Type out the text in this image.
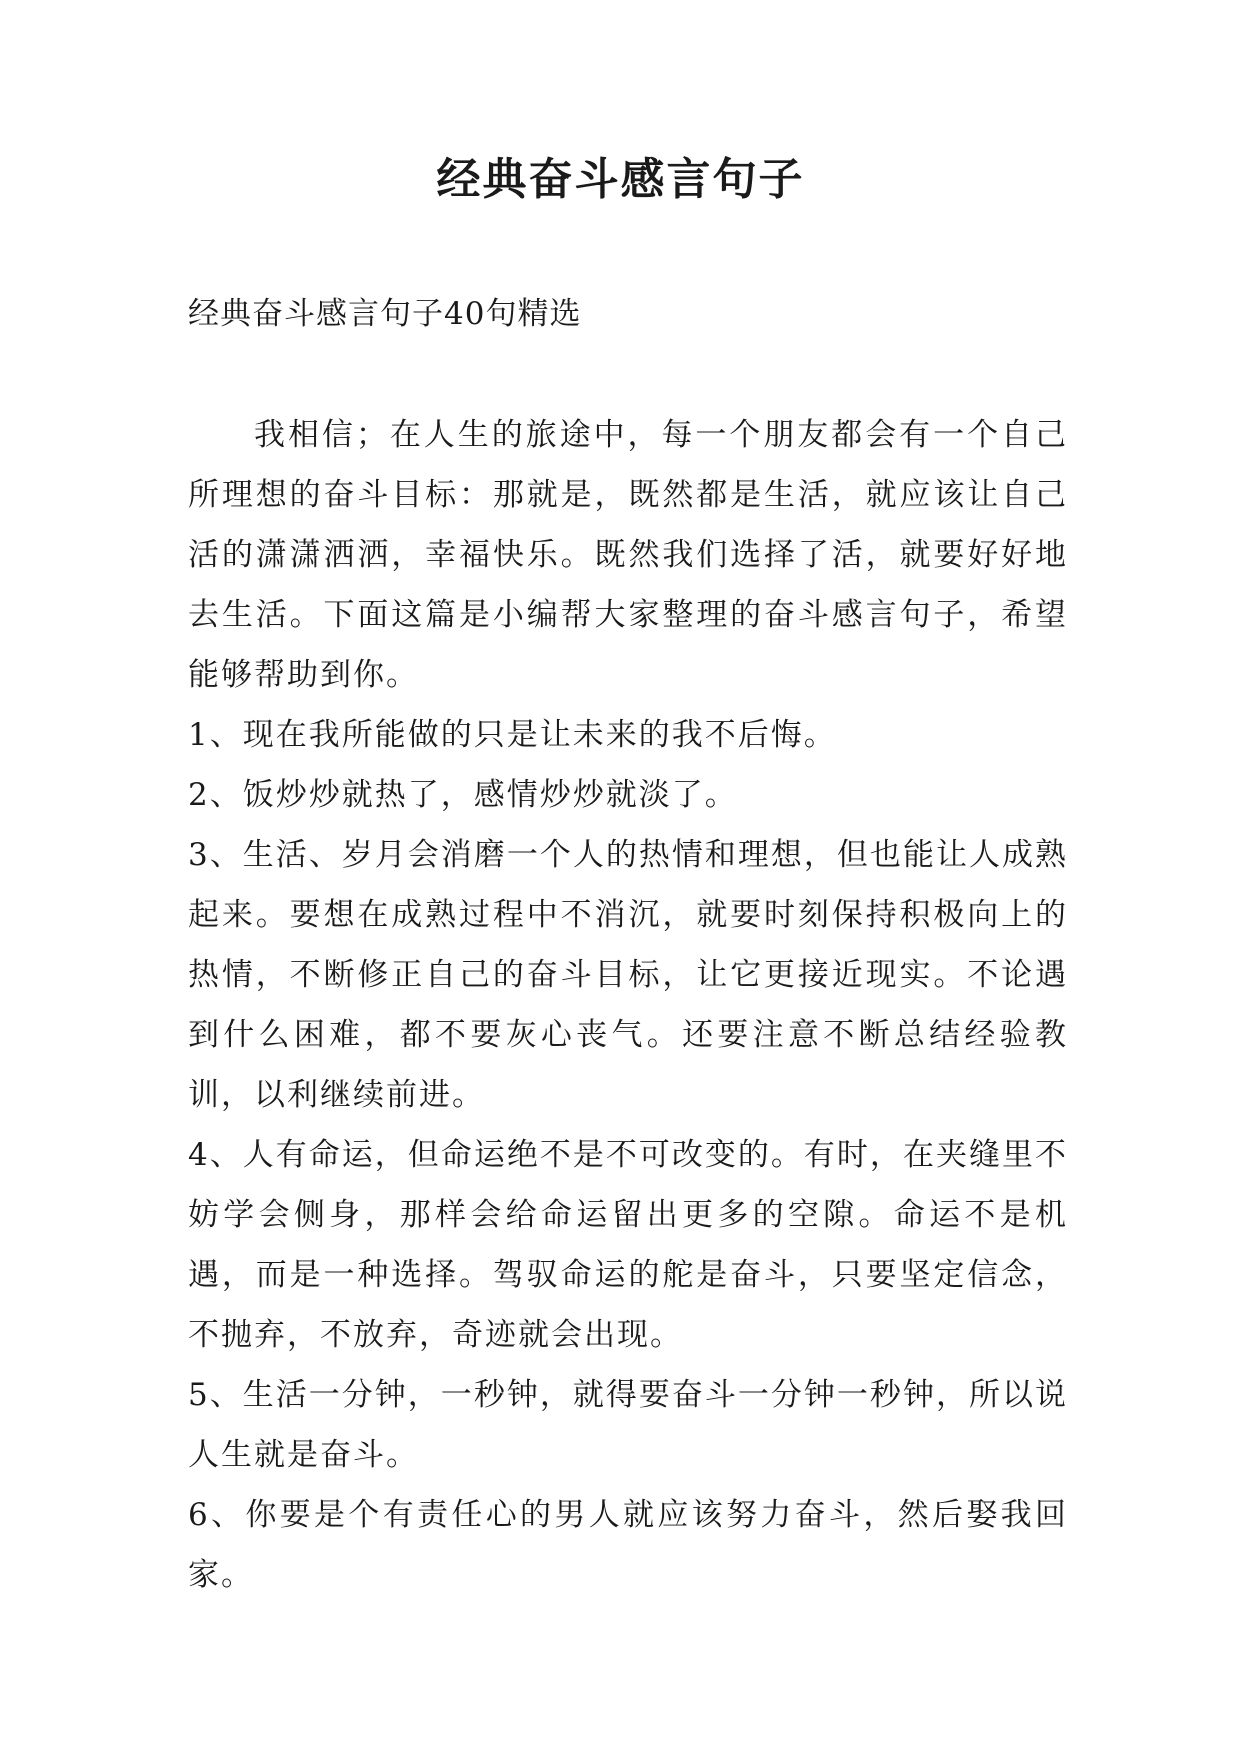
经典奋斗感言句子

经典奋斗感言句子40句精选

我相信；在人生的旅途中，每一个朋友都会有一个自己所理想的奋斗目标：那就是，既然都是生活，就应该让自己活的潇潇洒洒，幸福快乐。既然我们选择了活，就要好好地去生活。下面这篇是小编帮大家整理的奋斗感言句子，希望能够帮助到你。

1、现在我所能做的只是让未来的我不后悔。

2、饭炒炒就热了，感情炒炒就淡了。

3、生活、岁月会消磨一个人的热情和理想，但也能让人成熟起来。要想在成熟过程中不消沉，就要时刻保持积极向上的热情，不断修正自己的奋斗目标，让它更接近现实。不论遇到什么困难，都不要灰心丧气。还要注意不断总结经验教训，以利继续前进。

4、人有命运，但命运绝不是不可改变的。有时，在夹缝里不妨学会侧身，那样会给命运留出更多的空隙。命运不是机遇，而是一种选择。驾驭命运的舵是奋斗，只要坚定信念，不抛弃，不放弃，奇迹就会出现。

5、生活一分钟，一秒钟，就得要奋斗一分钟一秒钟，所以说人生就是奋斗。

6、你要是个有责任心的男人就应该努力奋斗，然后娶我回家。
